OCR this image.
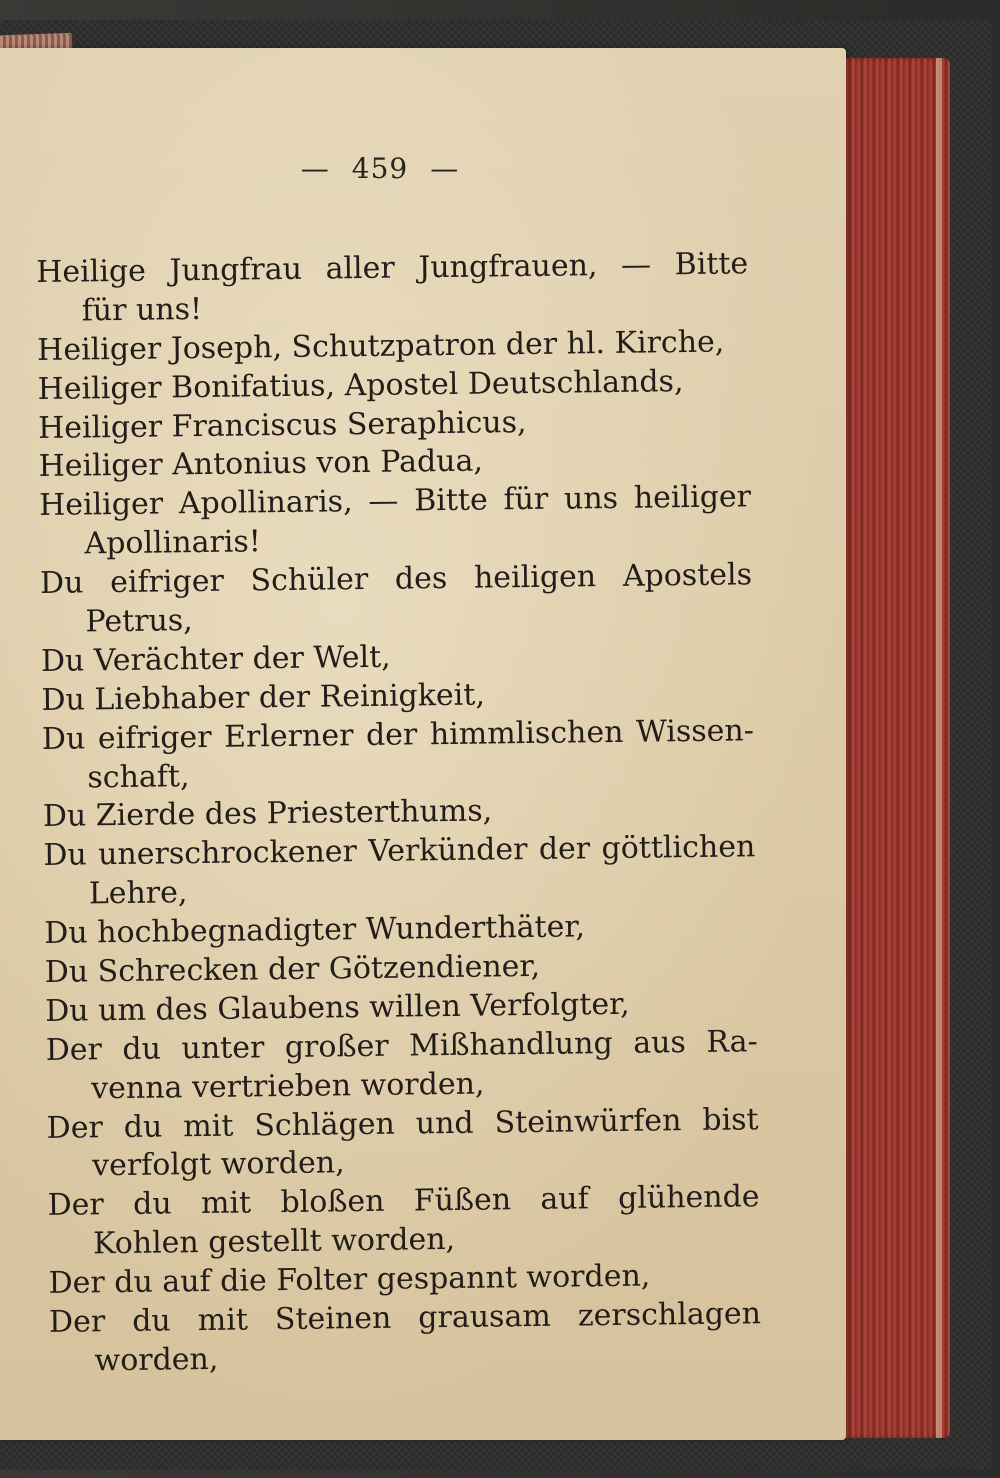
— 459 —
Heilige Jungfrau aller Jungfrauen, — Bitte
für uns!
Heiliger Joseph, Schutzpatron der hl. Kirche,
Heiliger Bonifatius, Apostel Deutschlands,
Heiliger Franciscus Seraphicus,
Heiliger Antonius von Padua,
Heiliger Apollinaris, — Bitte für uns heiliger
Apollinaris!
Du eifriger Schüler des heiligen Apostels
Petrus,
Du Verächter der Welt,
Du Liebhaber der Reinigkeit,
Du eifriger Erlerner der himmlischen Wissen-
schaft,
Du Zierde des Priesterthums,
Du unerschrockener Verkünder der göttlichen
Lehre,
Du hochbegnadigter Wunderthäter,
Du Schrecken der Götzendiener,
Du um des Glaubens willen Verfolgter,
Der du unter großer Mißhandlung aus Ra-
venna vertrieben worden,
Der du mit Schlägen und Steinwürfen bist
verfolgt worden,
Der du mit bloßen Füßen auf glühende
Kohlen gestellt worden,
Der du auf die Folter gespannt worden,
Der du mit Steinen grausam zerschlagen
worden,
